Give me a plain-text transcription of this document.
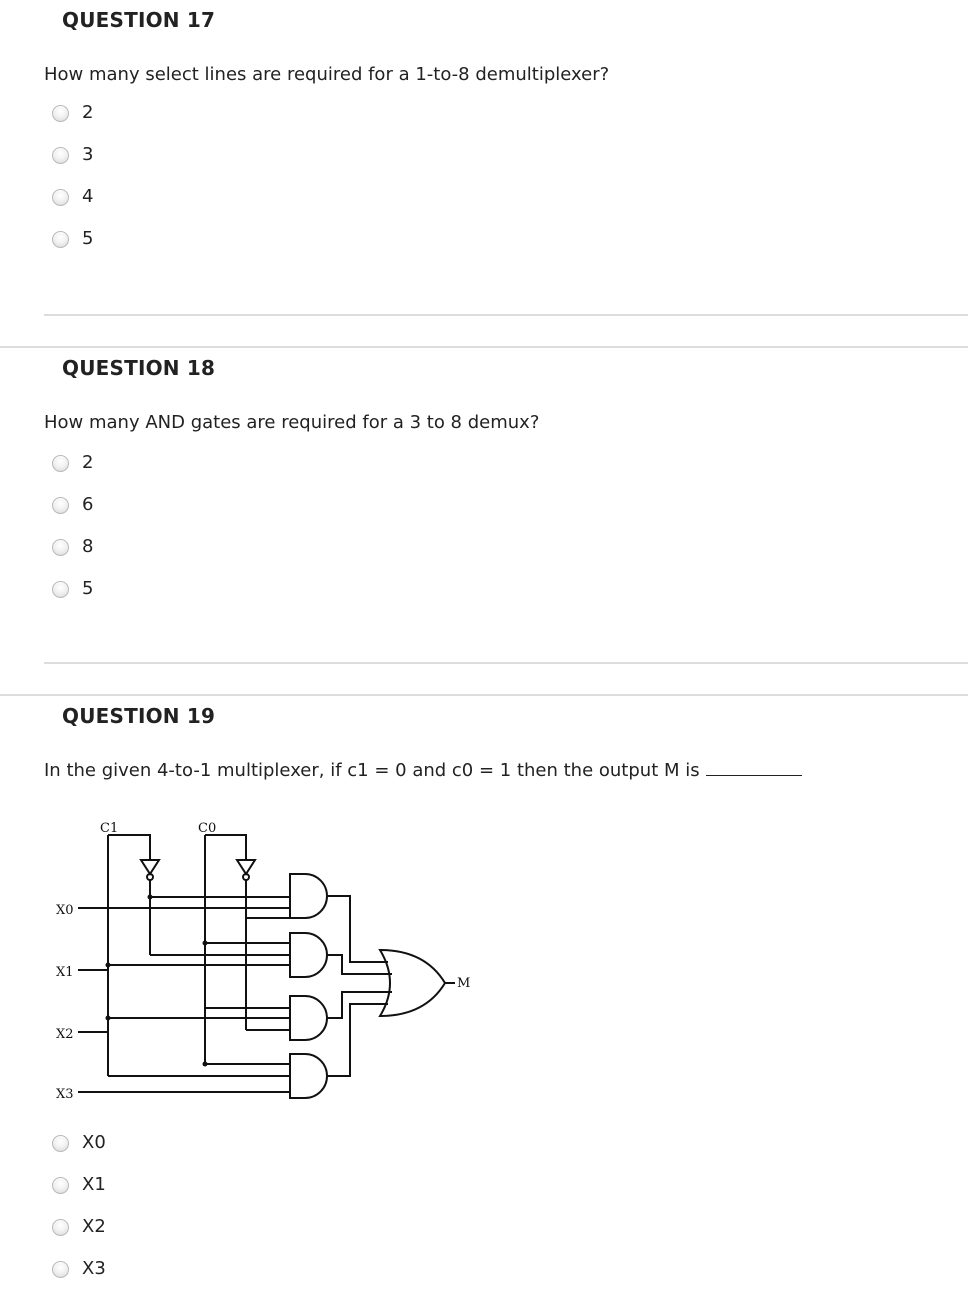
QUESTION 17
How many select lines are required for a 1-to-8 demultiplexer?
2
3
4
5
QUESTION 18
How many AND gates are required for a 3 to 8 demux?
2
6
8
5
QUESTION 19
In the given 4-to-1 multiplexer, if c1 = 0 and c0 = 1 then the output M is
C1	C0
X0
X1
X2
X3
M
X0
X1
X2
X3
